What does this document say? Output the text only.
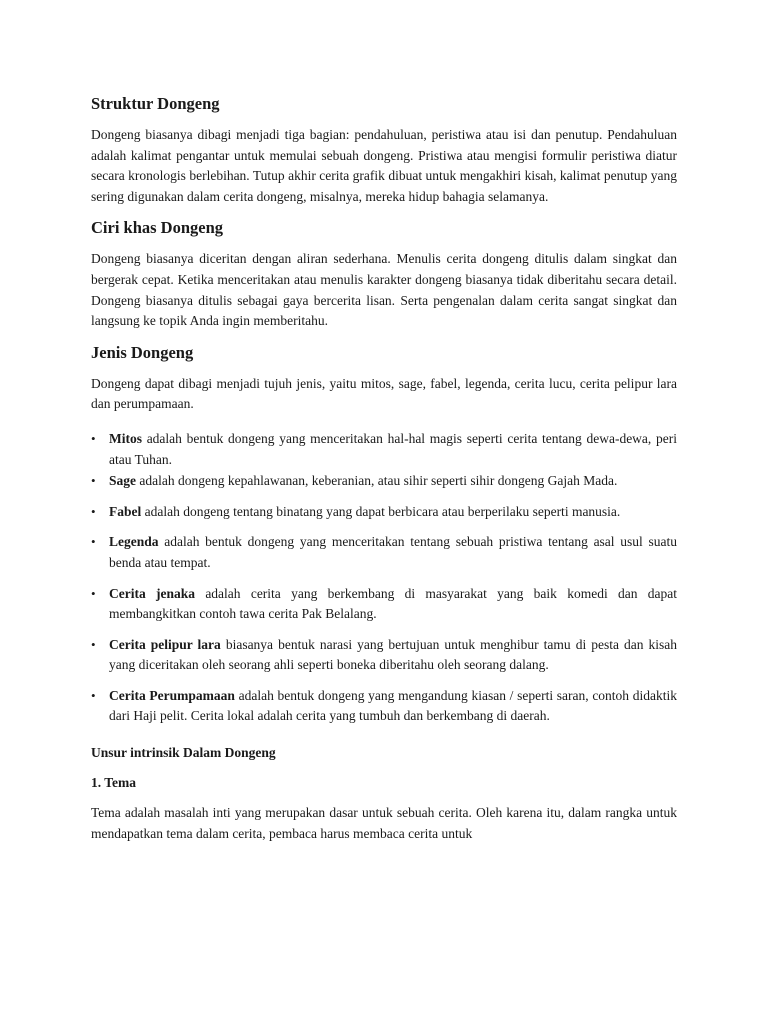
Struktur Dongeng

Dongeng biasanya dibagi menjadi tiga bagian: pendahuluan, peristiwa atau isi dan penutup. Pendahuluan adalah kalimat pengantar untuk memulai sebuah dongeng. Pristiwa atau mengisi formulir peristiwa diatur secara kronologis berlebihan. Tutup akhir cerita grafik dibuat untuk mengakhiri kisah, kalimat penutup yang sering digunakan dalam cerita dongeng, misalnya, mereka hidup bahagia selamanya.

Ciri khas Dongeng

Dongeng biasanya diceritan dengan aliran sederhana. Menulis cerita dongeng ditulis dalam singkat dan bergerak cepat. Ketika menceritakan atau menulis karakter dongeng biasanya tidak diberitahu secara detail. Dongeng biasanya ditulis sebagai gaya bercerita lisan. Serta pengenalan dalam cerita sangat singkat dan langsung ke topik Anda ingin memberitahu.

Jenis Dongeng

Dongeng dapat dibagi menjadi tujuh jenis, yaitu mitos, sage, fabel, legenda, cerita lucu, cerita pelipur lara dan perumpamaan.

• Mitos adalah bentuk dongeng yang menceritakan hal-hal magis seperti cerita tentang dewa-dewa, peri atau Tuhan.
• Sage adalah dongeng kepahlawanan, keberanian, atau sihir seperti sihir dongeng Gajah Mada.
• Fabel adalah dongeng tentang binatang yang dapat berbicara atau berperilaku seperti manusia.
• Legenda adalah bentuk dongeng yang menceritakan tentang sebuah pristiwa tentang asal usul suatu benda atau tempat.
• Cerita jenaka adalah cerita yang berkembang di masyarakat yang baik komedi dan dapat membangkitkan contoh tawa cerita Pak Belalang.
• Cerita pelipur lara biasanya bentuk narasi yang bertujuan untuk menghibur tamu di pesta dan kisah yang diceritakan oleh seorang ahli seperti boneka diberitahu oleh seorang dalang.
• Cerita Perumpamaan adalah bentuk dongeng yang mengandung kiasan / seperti saran, contoh didaktik dari Haji pelit. Cerita lokal adalah cerita yang tumbuh dan berkembang di daerah.
Unsur intrinsik Dalam Dongeng
1. Tema

Tema adalah masalah inti yang merupakan dasar untuk sebuah cerita. Oleh karena itu, dalam rangka untuk mendapatkan tema dalam cerita, pembaca harus membaca cerita untuk
